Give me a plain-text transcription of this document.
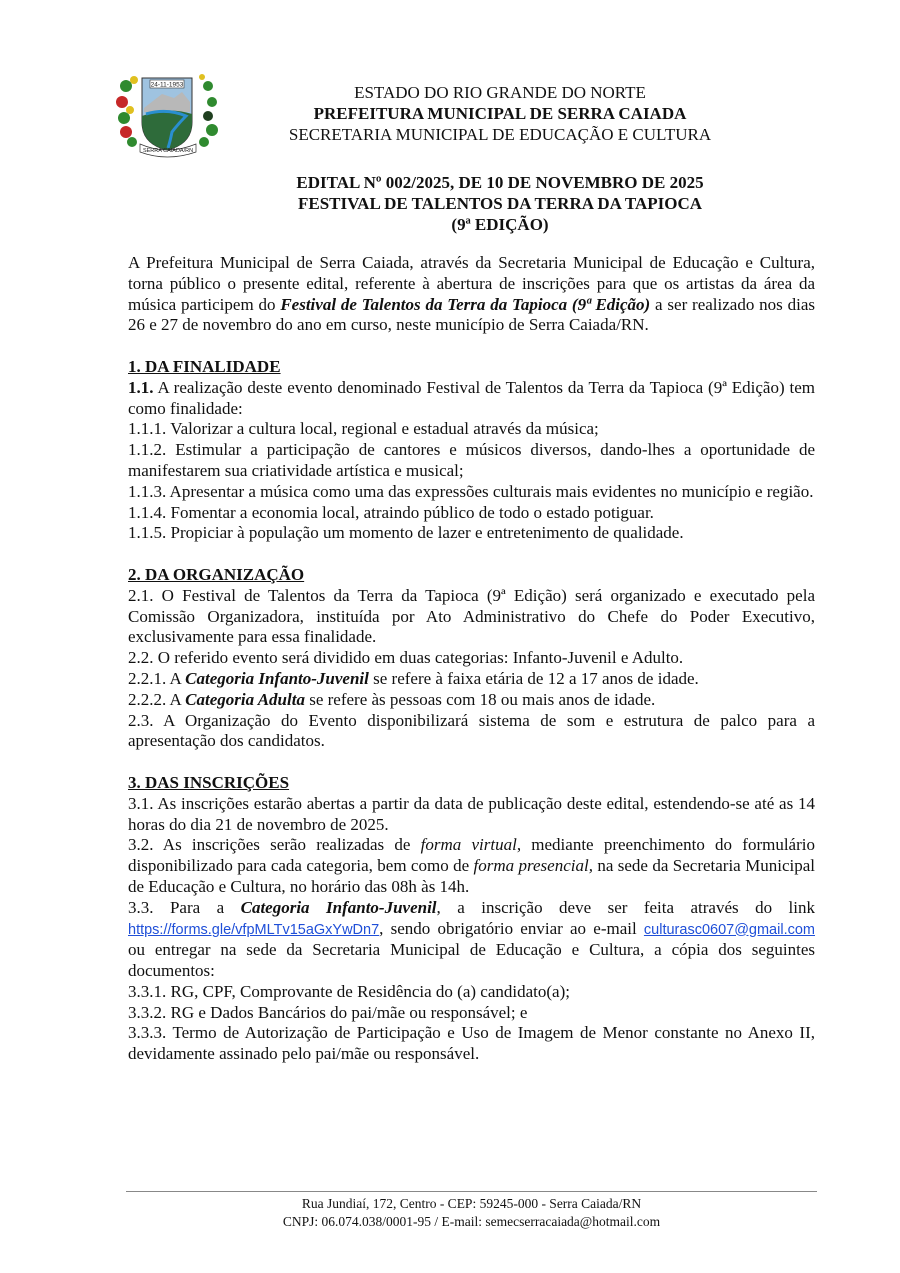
24-11-1953
SERRA CAIADA/RN
ESTADO DO RIO GRANDE DO NORTE
PREFEITURA MUNICIPAL DE SERRA CAIADA
SECRETARIA MUNICIPAL DE EDUCAÇÃO E CULTURA
EDITAL Nº 002/2025, DE 10 DE NOVEMBRO DE 2025
FESTIVAL DE TALENTOS DA TERRA DA TAPIOCA
(9ª EDIÇÃO)

A Prefeitura Municipal de Serra Caiada, através da Secretaria Municipal de Educação e Cultura, torna público o presente edital, referente à abertura de inscrições para que os artistas da área da música participem do Festival de Talentos da Terra da Tapioca (9ª Edição) a ser realizado nos dias 26 e 27 de novembro do ano em curso, neste município de Serra Caiada/RN.

1. DA FINALIDADE

1.1. A realização deste evento denominado Festival de Talentos da Terra da Tapioca (9ª Edição) tem como finalidade:

1.1.1. Valorizar a cultura local, regional e estadual através da música;

1.1.2. Estimular a participação de cantores e músicos diversos, dando-lhes a oportunidade de manifestarem sua criatividade artística e musical;

1.1.3. Apresentar a música como uma das expressões culturais mais evidentes no município e região.

1.1.4. Fomentar a economia local, atraindo público de todo o estado potiguar.

1.1.5. Propiciar à população um momento de lazer e entretenimento de qualidade.

2. DA ORGANIZAÇÃO

2.1. O Festival de Talentos da Terra da Tapioca (9ª Edição) será organizado e executado pela Comissão Organizadora, instituída por Ato Administrativo do Chefe do Poder Executivo, exclusivamente para essa finalidade.

2.2. O referido evento será dividido em duas categorias: Infanto-Juvenil e Adulto.

2.2.1. A Categoria Infanto-Juvenil se refere à faixa etária de 12 a 17 anos de idade.

2.2.2. A Categoria Adulta se refere às pessoas com 18 ou mais anos de idade.

2.3. A Organização do Evento disponibilizará sistema de som e estrutura de palco para a apresentação dos candidatos.

3. DAS INSCRIÇÕES

3.1. As inscrições estarão abertas a partir da data de publicação deste edital, estendendo-se até as 14 horas do dia 21 de novembro de 2025.

3.2. As inscrições serão realizadas de forma virtual, mediante preenchimento do formulário disponibilizado para cada categoria, bem como de forma presencial, na sede da Secretaria Municipal de Educação e Cultura, no horário das 08h às 14h.

3.3. Para a Categoria Infanto-Juvenil, a inscrição deve ser feita através do link https://forms.gle/vfpMLTv15aGxYwDn7, sendo obrigatório enviar ao e-mail culturasc0607@gmail.com ou entregar na sede da Secretaria Municipal de Educação e Cultura, a cópia dos seguintes documentos:

3.3.1. RG, CPF, Comprovante de Residência do (a) candidato(a);

3.3.2. RG e Dados Bancários do pai/mãe ou responsável; e

3.3.3. Termo de Autorização de Participação e Uso de Imagem de Menor constante no Anexo II, devidamente assinado pelo pai/mãe ou responsável.

Rua Jundiaí, 172, Centro - CEP: 59245-000 - Serra Caiada/RN
CNPJ: 06.074.038/0001-95 / E-mail: semecserracaiada@hotmail.com
